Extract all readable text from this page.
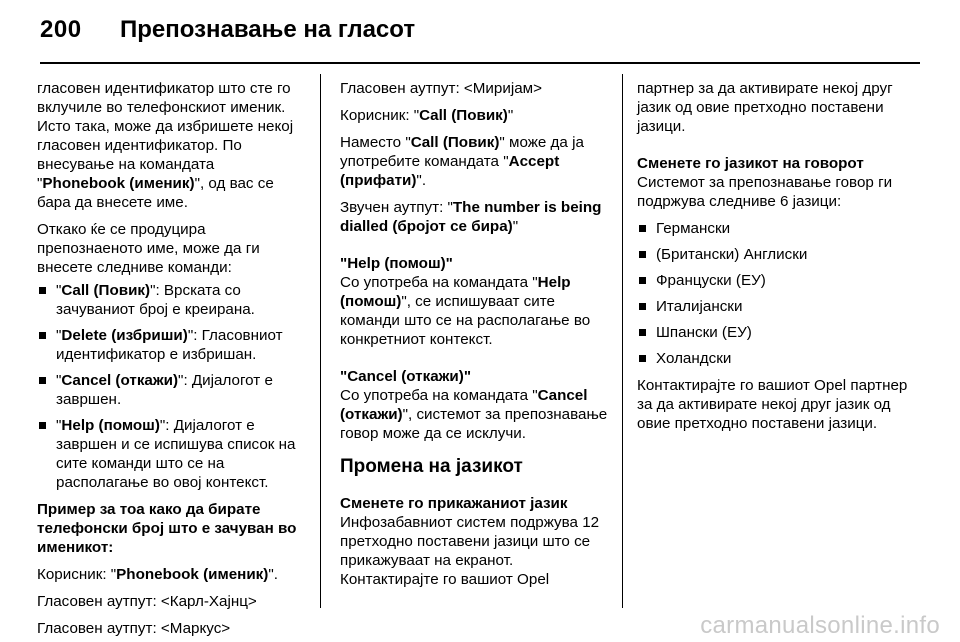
200	Препознавање на гласот
гласовен идентификатор што сте го вклучиле во телефонскиот именик. Исто така, може да избришете некој гласовен идентификатор. По внесување на командата "Phonebook (именик)", од вас се бара да внесете име.
Откако ќе се продуцира препознаеното име, може да ги внесете следниве команди:
"Call (Повик)": Врската со зачуваниот број е креирана.
"Delete (избриши)": Гласовниот идентификатор е избришан.
"Cancel (откажи)": Дијалогот е завршен.
"Help (помош)": Дијалогот е завршен и се испишува список на сите команди што се на располагање во овој контекст.
Пример за тоа како да бирате телефонски број што е зачуван во именикот:
Корисник: "Phonebook (именик)".
Гласовен аутпут: <Карл-Хајнц>
Гласовен аутпут: <Маркус>
Гласовен аутпут: <Миријам>
Корисник: "Call (Повик)"
Наместо "Call (Повик)" може да ја употребите командата "Accept (прифати)".
Звучен аутпут: "The number is being dialled (бројот се бира)"
"Help (помош)"
Со употреба на командата "Help (помош)", се испишуваат сите команди што се на располагање во конкретниот контекст.
"Cancel (откажи)"
Со употреба на командата "Cancel (откажи)", системот за препознавање говор може да се исклучи.
Промена на јазикот
Сменете го прикажаниот јазик
Инфозабавниот систем подржува 12 претходно поставени јазици што се прикажуваат на екранот. Контактирајте го вашиот Opel
партнер за да активирате некој друг јазик од овие претходно поставени јазици.
Сменете го јазикот на говорот
Системот за препознавање говор ги подржува следниве 6 јазици:
Германски
(Британски) Англиски
Француски (ЕУ)
Италијански
Шпански (ЕУ)
Холандски
Контактирајте го вашиот Opel партнер за да активирате некој друг јазик од овие претходно поставени јазици.
carmanualsonline.info
